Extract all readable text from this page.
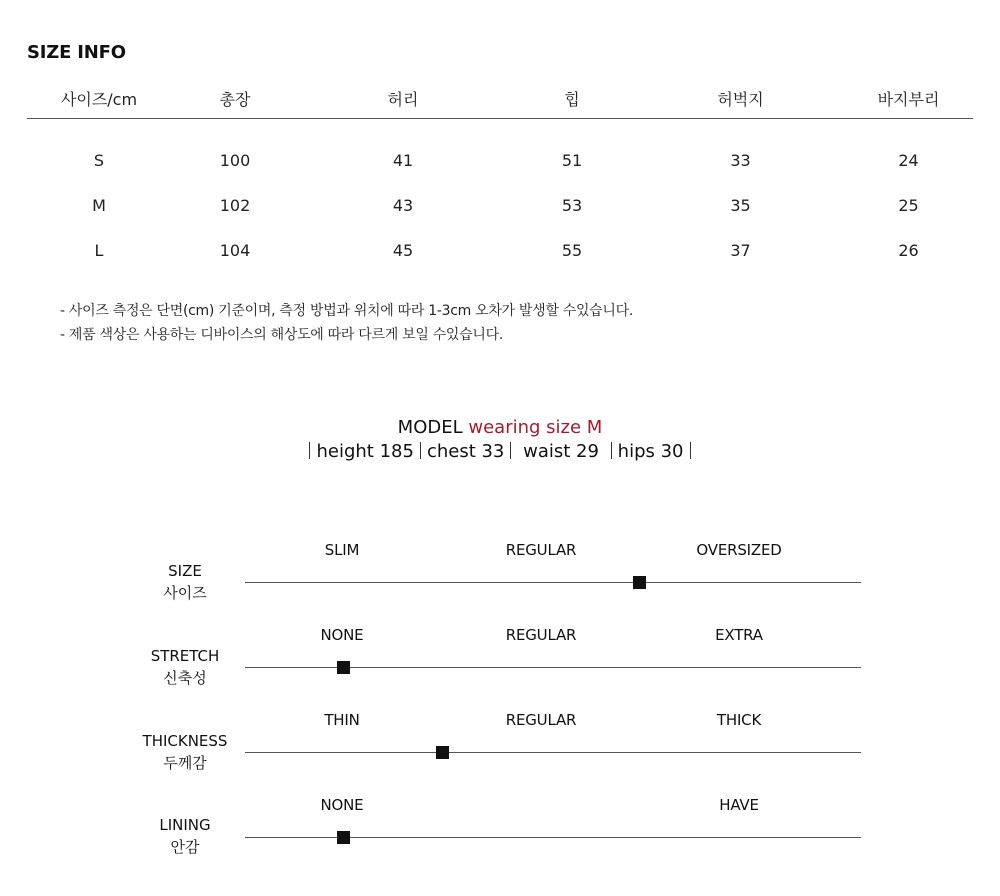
SIZE INFO
사이즈/cm	총장	허리	힙	허벅지	바지부리
S	100	41	51	33	24
M	102	43	53	35	25
L	104	45	55	37	26
- 사이즈 측정은 단면(cm) 기준이며, 측정 방법과 위치에 따라 1-3cm 오차가 발생할 수있습니다.
- 제품 색상은 사용하는 디바이스의 해상도에 따라 다르게 보일 수있습니다.
MODEL wearing size M
height 185 chest 33 waist 29 hips 30
SIZE
사이즈
SLIM	REGULAR	OVERSIZED
STRETCH
신축성
NONE	REGULAR	EXTRA
THICKNESS
두께감
THIN	REGULAR	THICK
LINING
안감
NONE	HAVE
